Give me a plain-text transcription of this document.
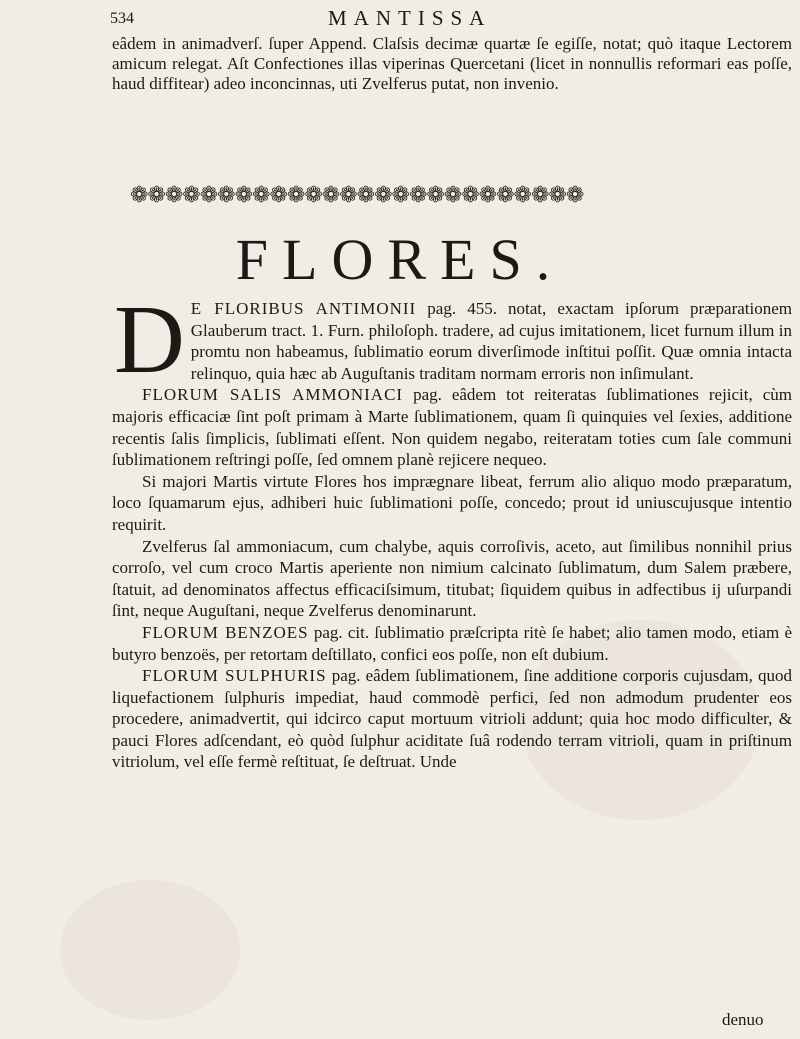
534	MANTISSA
eâdem in animadverſ. ſuper Append. Claſsis decimæ quartæ ſe egiſſe, notat; quò itaque Lectorem amicum relegat. Aſt Confectiones illas viperinas Quercetani (licet in nonnullis reformari eas poſſe, haud diffitear) adeo inconcinnas, uti Zvelferus putat, non invenio.
❁❁❁❁❁❁❁❁❁❁❁❁❁❁❁❁❁❁❁❁❁❁❁❁❁❁
FLORES.

D E FLORIBUS ANTIMONII pag. 455. notat, exactam ipſorum præparationem Glauberum tract. 1. Furn. philoſoph. tradere, ad cujus imitationem, licet furnum illum in promtu non habeamus, ſublimatio eorum diverſimode inſtitui poſſit. Quæ omnia intacta relinquo, quia hæc ab Auguſtanis traditam normam erroris non inſimulant.

FLORUM SALIS AMMONIACI pag. eâdem tot reiteratas ſublimationes rejicit, cùm majoris efficaciæ ſint poſt primam à Marte ſublimationem, quam ſi quinquies vel ſexies, additione recentis ſalis ſimplicis, ſublimati eſſent. Non quidem negabo, reiteratam toties cum ſale communi ſublimationem reſtringi poſſe, ſed omnem planè rejicere nequeo.

Si majori Martis virtute Flores hos imprægnare libeat, ferrum alio aliquo modo præparatum, loco ſquamarum ejus, adhiberi huic ſublimationi poſſe, concedo; prout id uniuscujusque intentio requirit.

Zvelferus ſal ammoniacum, cum chalybe, aquis corroſivis, aceto, aut ſimilibus nonnihil prius corroſo, vel cum croco Martis aperiente non nimium calcinato ſublimatum, dum Salem præbere, ſtatuit, ad denominatos affectus efficaciſsimum, titubat; ſiquidem quibus in adfectibus ij uſurpandi ſint, neque Auguſtani, neque Zvelferus denominarunt.

FLORUM BENZOES pag. cit. ſublimatio præſcripta ritè ſe habet; alio tamen modo, etiam è butyro benzoës, per retortam deſtillato, confici eos poſſe, non eſt dubium.

FLORUM SULPHURIS pag. eâdem ſublimationem, ſine additione corporis cujusdam, quod liquefactionem ſulphuris impediat, haud commodè perfici, ſed non admodum prudenter eos procedere, animadvertit, qui idcirco caput mortuum vitrioli addunt; quia hoc modo difficulter, & pauci Flores adſcendant, eò quòd ſulphur aciditate ſuâ rodendo terram vitrioli, quam in priſtinum vitriolum, vel eſſe fermè reſtituat, ſe deſtruat. Unde

denuo
